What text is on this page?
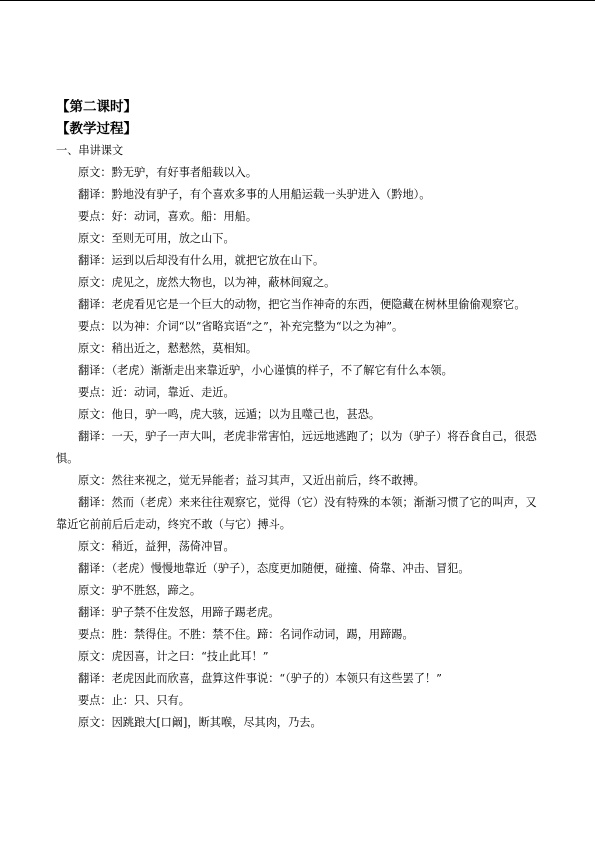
【第二课时】
【教学过程】

一、串讲课文

原文：黔无驴，有好事者船载以入。

翻译：黔地没有驴子，有个喜欢多事的人用船运载一头驴进入（黔地）。

要点：好：动词，喜欢。船：用船。

原文：至则无可用，放之山下。

翻译：运到以后却没有什么用，就把它放在山下。

原文：虎见之，庞然大物也，以为神，蔽林间窥之。

翻译：老虎看见它是一个巨大的动物，把它当作神奇的东西，便隐藏在树林里偷偷观察它。

要点：以为神：介词“以”省略宾语“之”，补充完整为“以之为神”。

原文：稍出近之，慭慭然，莫相知。

翻译：（老虎）渐渐走出来靠近驴，小心谨慎的样子，不了解它有什么本领。

要点：近：动词，靠近、走近。

原文：他日，驴一鸣，虎大骇，远遁；以为且噬己也，甚恐。

翻译：一天，驴子一声大叫，老虎非常害怕，远远地逃跑了；以为（驴子）将吞食自己，很恐惧。

原文：然往来视之，觉无异能者；益习其声，又近出前后，终不敢搏。

翻译：然而（老虎）来来往往观察它，觉得（它）没有特殊的本领；渐渐习惯了它的叫声，又靠近它前前后后走动，终究不敢（与它）搏斗。

原文：稍近，益狎，荡倚冲冒。

翻译：（老虎）慢慢地靠近（驴子），态度更加随便，碰撞、倚靠、冲击、冒犯。

原文：驴不胜怒，蹄之。

翻译：驴子禁不住发怒，用蹄子踢老虎。

要点：胜：禁得住。不胜：禁不住。蹄：名词作动词，踢，用蹄踢。

原文：虎因喜，计之曰：“技止此耳！”

翻译：老虎因此而欣喜，盘算这件事说：“（驴子的）本领只有这些罢了！”

要点：止：只、只有。

原文：因跳踉大[口阚]，断其喉，尽其肉，乃去。
